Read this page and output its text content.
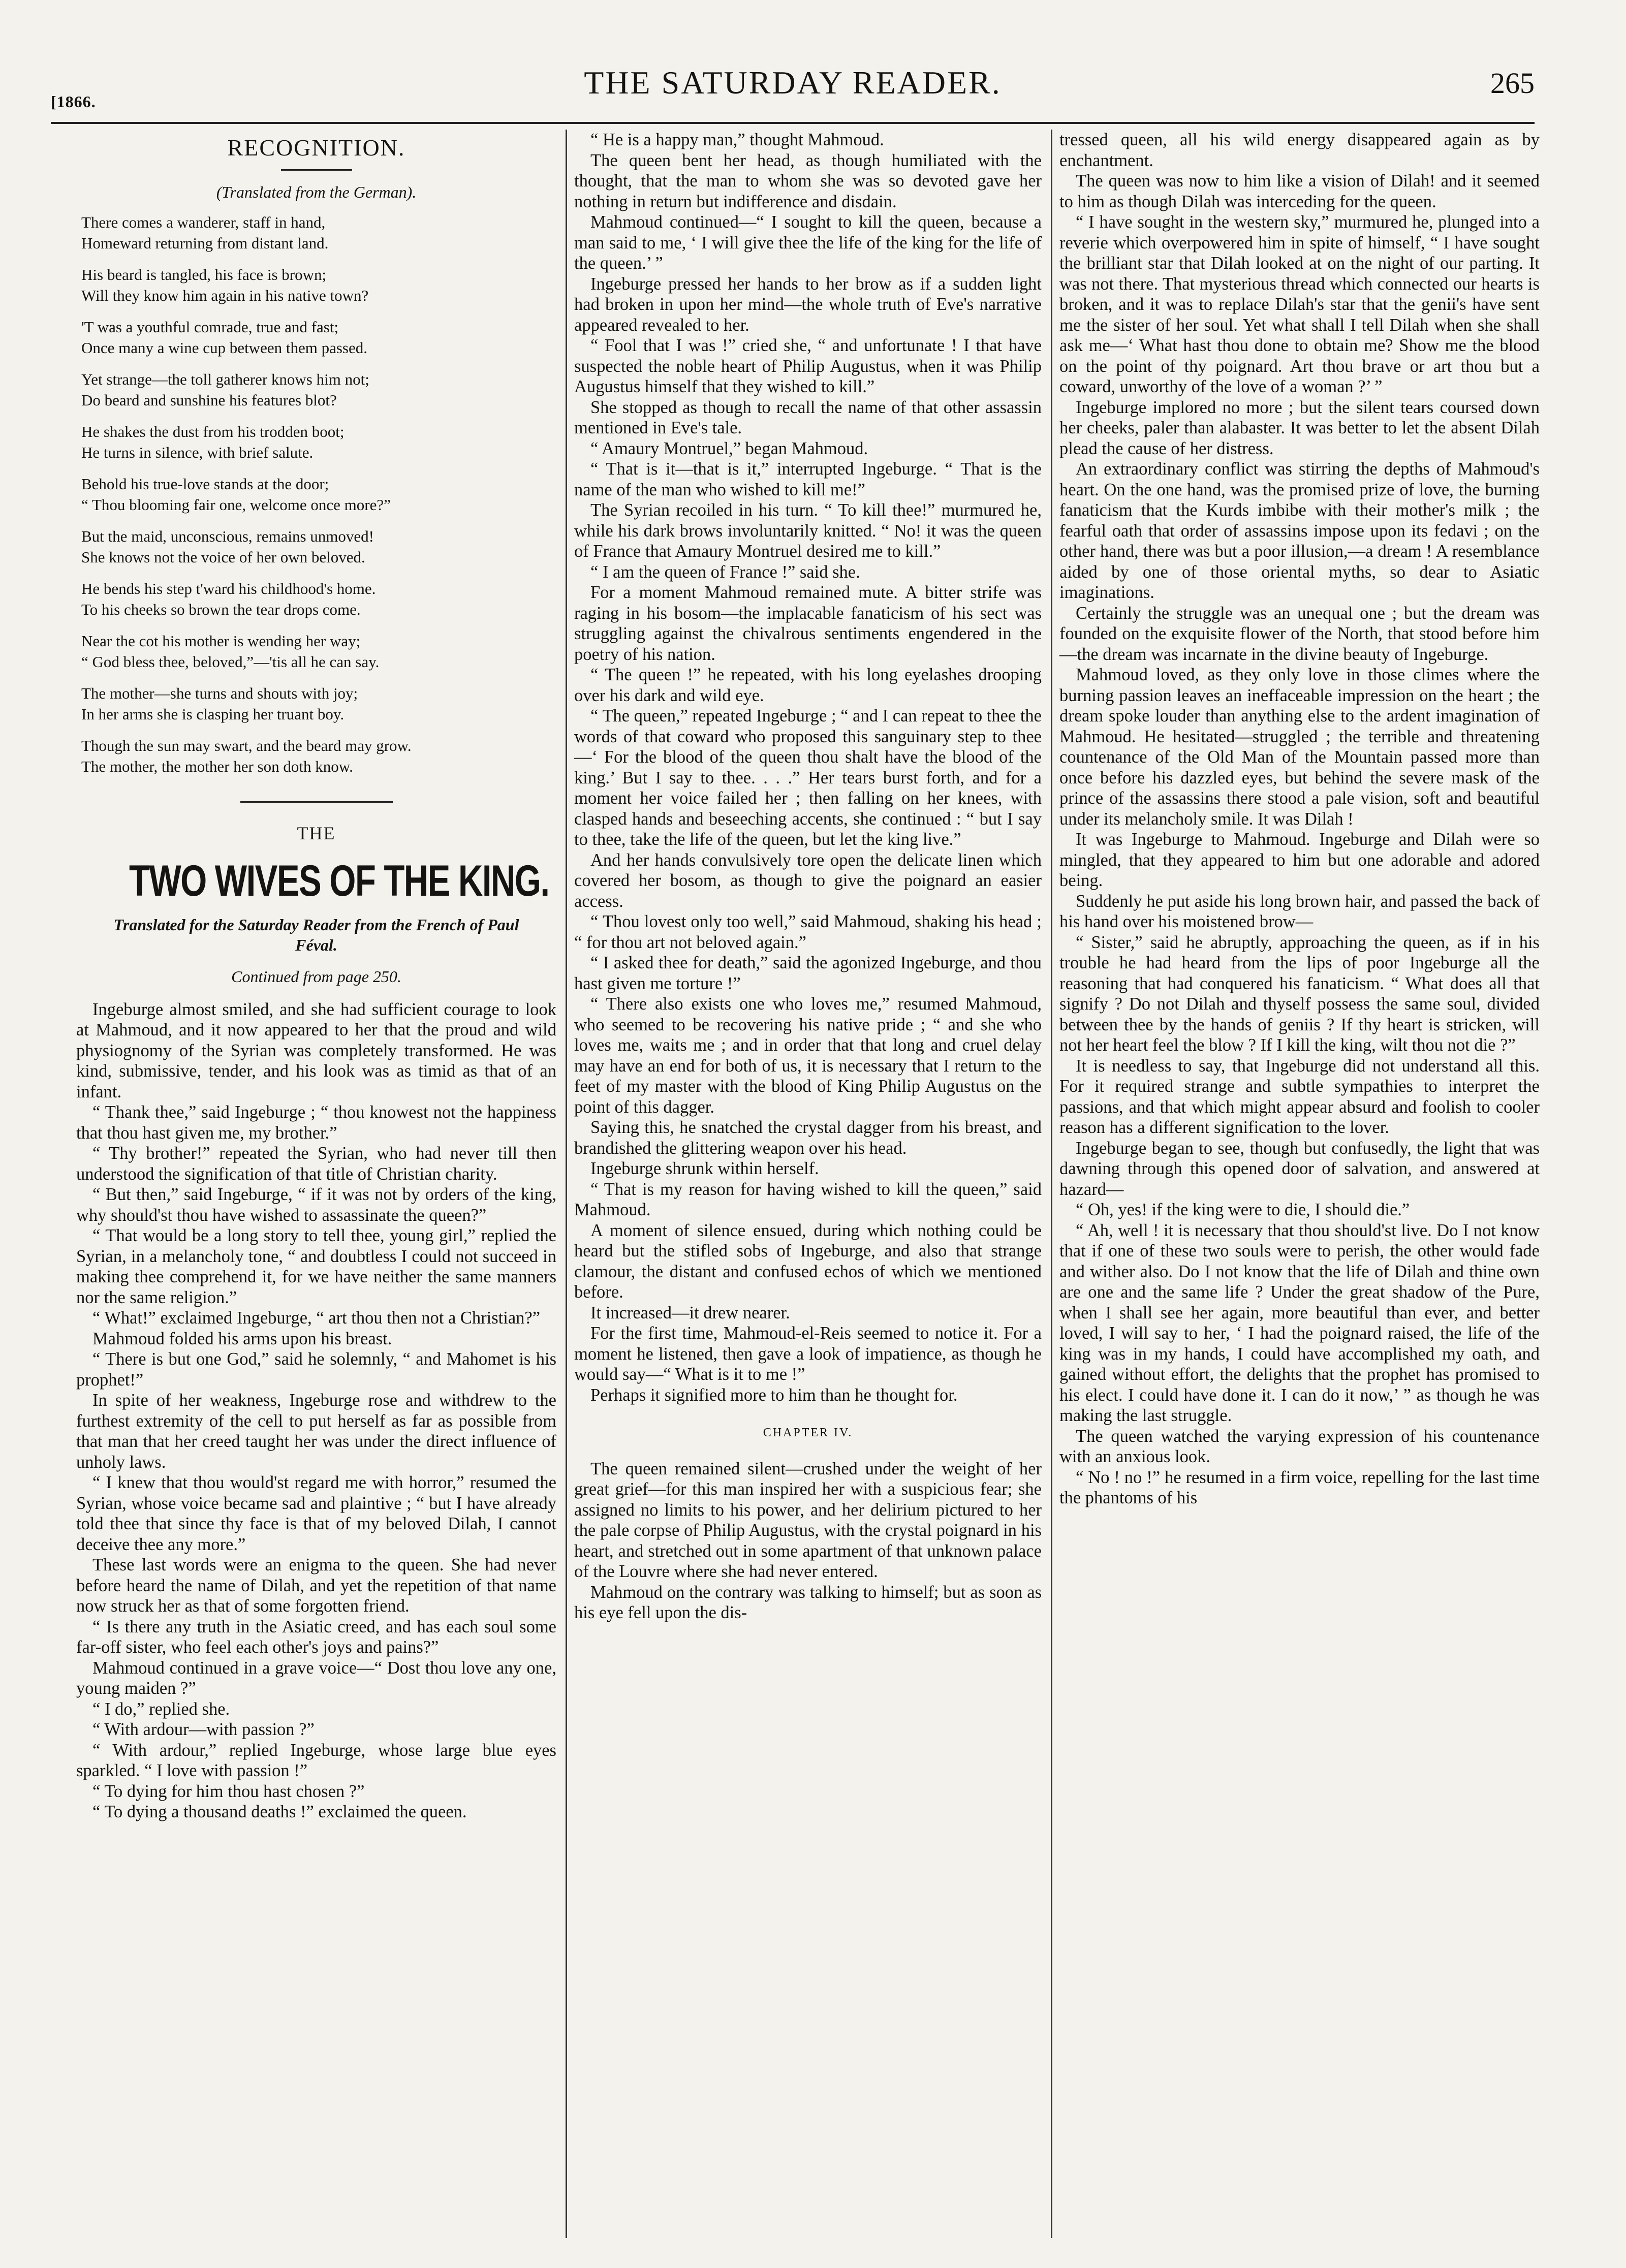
[1866.
THE SATURDAY READER.	265
RECOGNITION.
(Translated from the German).
There comes a wanderer, staff in hand,
Homeward returning from distant land.
His beard is tangled, his face is brown;
Will they know him again in his native town?
'T was a youthful comrade, true and fast;
Once many a wine cup between them passed.
Yet strange—the toll gatherer knows him not;
Do beard and sunshine his features blot?
He shakes the dust from his trodden boot;
He turns in silence, with brief salute.
Behold his true-love stands at the door;
“ Thou blooming fair one, welcome once more?”
But the maid, unconscious, remains unmoved!
She knows not the voice of her own beloved.
He bends his step t'ward his childhood's home.
To his cheeks so brown the tear drops come.
Near the cot his mother is wending her way;
“ God bless thee, beloved,”—'tis all he can say.
The mother—she turns and shouts with joy;
In her arms she is clasping her truant boy.
Though the sun may swart, and the beard may grow.
The mother, the mother her son doth know.
THE
TWO WIVES OF THE KING.
Translated for the Saturday Reader from the French of Paul Féval.
Continued from page 250.

Ingeburge almost smiled, and she had sufficient courage to look at Mahmoud, and it now appeared to her that the proud and wild physiognomy of the Syrian was completely transformed. He was kind, submissive, tender, and his look was as timid as that of an infant.

“ Thank thee,” said Ingeburge ; “ thou knowest not the happiness that thou hast given me, my brother.”

“ Thy brother!” repeated the Syrian, who had never till then understood the signification of that title of Christian charity.

“ But then,” said Ingeburge, “ if it was not by orders of the king, why should'st thou have wished to assassinate the queen?”

“ That would be a long story to tell thee, young girl,” replied the Syrian, in a melancholy tone, “ and doubtless I could not succeed in making thee comprehend it, for we have neither the same manners nor the same religion.”

“ What!” exclaimed Ingeburge, “ art thou then not a Christian?”

Mahmoud folded his arms upon his breast.

“ There is but one God,” said he solemnly, “ and Mahomet is his prophet!”

In spite of her weakness, Ingeburge rose and withdrew to the furthest extremity of the cell to put herself as far as possible from that man that her creed taught her was under the direct influence of unholy laws.

“ I knew that thou would'st regard me with horror,” resumed the Syrian, whose voice became sad and plaintive ; “ but I have already told thee that since thy face is that of my beloved Dilah, I cannot deceive thee any more.”

These last words were an enigma to the queen. She had never before heard the name of Dilah, and yet the repetition of that name now struck her as that of some forgotten friend.

“ Is there any truth in the Asiatic creed, and has each soul some far-off sister, who feel each other's joys and pains?”

Mahmoud continued in a grave voice—“ Dost thou love any one, young maiden ?”

“ I do,” replied she.

“ With ardour—with passion ?”

“ With ardour,” replied Ingeburge, whose large blue eyes sparkled. “ I love with passion !”

“ To dying for him thou hast chosen ?”

“ To dying a thousand deaths !” exclaimed the queen.

“ He is a happy man,” thought Mahmoud.

The queen bent her head, as though humiliated with the thought, that the man to whom she was so devoted gave her nothing in return but indifference and disdain.

Mahmoud continued—“ I sought to kill the queen, because a man said to me, ‘ I will give thee the life of the king for the life of the queen.’ ”

Ingeburge pressed her hands to her brow as if a sudden light had broken in upon her mind—the whole truth of Eve's narrative appeared revealed to her.

“ Fool that I was !” cried she, “ and unfortunate ! I that have suspected the noble heart of Philip Augustus, when it was Philip Augustus himself that they wished to kill.”

She stopped as though to recall the name of that other assassin mentioned in Eve's tale.

“ Amaury Montruel,” began Mahmoud.

“ That is it—that is it,” interrupted Ingeburge. “ That is the name of the man who wished to kill me!”

The Syrian recoiled in his turn. “ To kill thee!” murmured he, while his dark brows involuntarily knitted. “ No! it was the queen of France that Amaury Montruel desired me to kill.”

“ I am the queen of France !” said she.

For a moment Mahmoud remained mute. A bitter strife was raging in his bosom—the implacable fanaticism of his sect was struggling against the chivalrous sentiments engendered in the poetry of his nation.

“ The queen !” he repeated, with his long eyelashes drooping over his dark and wild eye.

“ The queen,” repeated Ingeburge ; “ and I can repeat to thee the words of that coward who proposed this sanguinary step to thee—‘ For the blood of the queen thou shalt have the blood of the king.’ But I say to thee. . . .” Her tears burst forth, and for a moment her voice failed her ; then falling on her knees, with clasped hands and beseeching accents, she continued : “ but I say to thee, take the life of the queen, but let the king live.”

And her hands convulsively tore open the delicate linen which covered her bosom, as though to give the poignard an easier access.

“ Thou lovest only too well,” said Mahmoud, shaking his head ; “ for thou art not beloved again.”

“ I asked thee for death,” said the agonized Ingeburge, and thou hast given me torture !”

“ There also exists one who loves me,” resumed Mahmoud, who seemed to be recovering his native pride ; “ and she who loves me, waits me ; and in order that that long and cruel delay may have an end for both of us, it is necessary that I return to the feet of my master with the blood of King Philip Augustus on the point of this dagger.

Saying this, he snatched the crystal dagger from his breast, and brandished the glittering weapon over his head.

Ingeburge shrunk within herself.

“ That is my reason for having wished to kill the queen,” said Mahmoud.

A moment of silence ensued, during which nothing could be heard but the stifled sobs of Ingeburge, and also that strange clamour, the distant and confused echos of which we mentioned before.

It increased—it drew nearer.

For the first time, Mahmoud-el-Reis seemed to notice it. For a moment he listened, then gave a look of impatience, as though he would say—“ What is it to me !”

Perhaps it signified more to him than he thought for.

CHAPTER IV.

The queen remained silent—crushed under the weight of her great grief—for this man inspired her with a suspicious fear; she assigned no limits to his power, and her delirium pictured to her the pale corpse of Philip Augustus, with the crystal poignard in his heart, and stretched out in some apartment of that unknown palace of the Louvre where she had never entered.

Mahmoud on the contrary was talking to himself; but as soon as his eye fell upon the dis-

tressed queen, all his wild energy disappeared again as by enchantment.

The queen was now to him like a vision of Dilah! and it seemed to him as though Dilah was interceding for the queen.

“ I have sought in the western sky,” murmured he, plunged into a reverie which overpowered him in spite of himself, “ I have sought the brilliant star that Dilah looked at on the night of our parting. It was not there. That mysterious thread which connected our hearts is broken, and it was to replace Dilah's star that the genii's have sent me the sister of her soul. Yet what shall I tell Dilah when she shall ask me—‘ What hast thou done to obtain me? Show me the blood on the point of thy poignard. Art thou brave or art thou but a coward, unworthy of the love of a woman ?’ ”

Ingeburge implored no more ; but the silent tears coursed down her cheeks, paler than alabaster. It was better to let the absent Dilah plead the cause of her distress.

An extraordinary conflict was stirring the depths of Mahmoud's heart. On the one hand, was the promised prize of love, the burning fanaticism that the Kurds imbibe with their mother's milk ; the fearful oath that order of assassins impose upon its fedavi ; on the other hand, there was but a poor illusion,—a dream ! A resemblance aided by one of those oriental myths, so dear to Asiatic imaginations.

Certainly the struggle was an unequal one ; but the dream was founded on the exquisite flower of the North, that stood before him—the dream was incarnate in the divine beauty of Ingeburge.

Mahmoud loved, as they only love in those climes where the burning passion leaves an ineffaceable impression on the heart ; the dream spoke louder than anything else to the ardent imagination of Mahmoud. He hesitated—struggled ; the terrible and threatening countenance of the Old Man of the Mountain passed more than once before his dazzled eyes, but behind the severe mask of the prince of the assassins there stood a pale vision, soft and beautiful under its melancholy smile. It was Dilah !

It was Ingeburge to Mahmoud. Ingeburge and Dilah were so mingled, that they appeared to him but one adorable and adored being.

Suddenly he put aside his long brown hair, and passed the back of his hand over his moistened brow—

“ Sister,” said he abruptly, approaching the queen, as if in his trouble he had heard from the lips of poor Ingeburge all the reasoning that had conquered his fanaticism. “ What does all that signify ? Do not Dilah and thyself possess the same soul, divided between thee by the hands of geniis ? If thy heart is stricken, will not her heart feel the blow ? If I kill the king, wilt thou not die ?”

It is needless to say, that Ingeburge did not understand all this. For it required strange and subtle sympathies to interpret the passions, and that which might appear absurd and foolish to cooler reason has a different signification to the lover.

Ingeburge began to see, though but confusedly, the light that was dawning through this opened door of salvation, and answered at hazard—

“ Oh, yes! if the king were to die, I should die.”

“ Ah, well ! it is necessary that thou should'st live. Do I not know that if one of these two souls were to perish, the other would fade and wither also. Do I not know that the life of Dilah and thine own are one and the same life ? Under the great shadow of the Pure, when I shall see her again, more beautiful than ever, and better loved, I will say to her, ‘ I had the poignard raised, the life of the king was in my hands, I could have accomplished my oath, and gained without effort, the delights that the prophet has promised to his elect. I could have done it. I can do it now,’ ” as though he was making the last struggle.

The queen watched the varying expression of his countenance with an anxious look.

“ No ! no !” he resumed in a firm voice, repelling for the last time the phantoms of his
